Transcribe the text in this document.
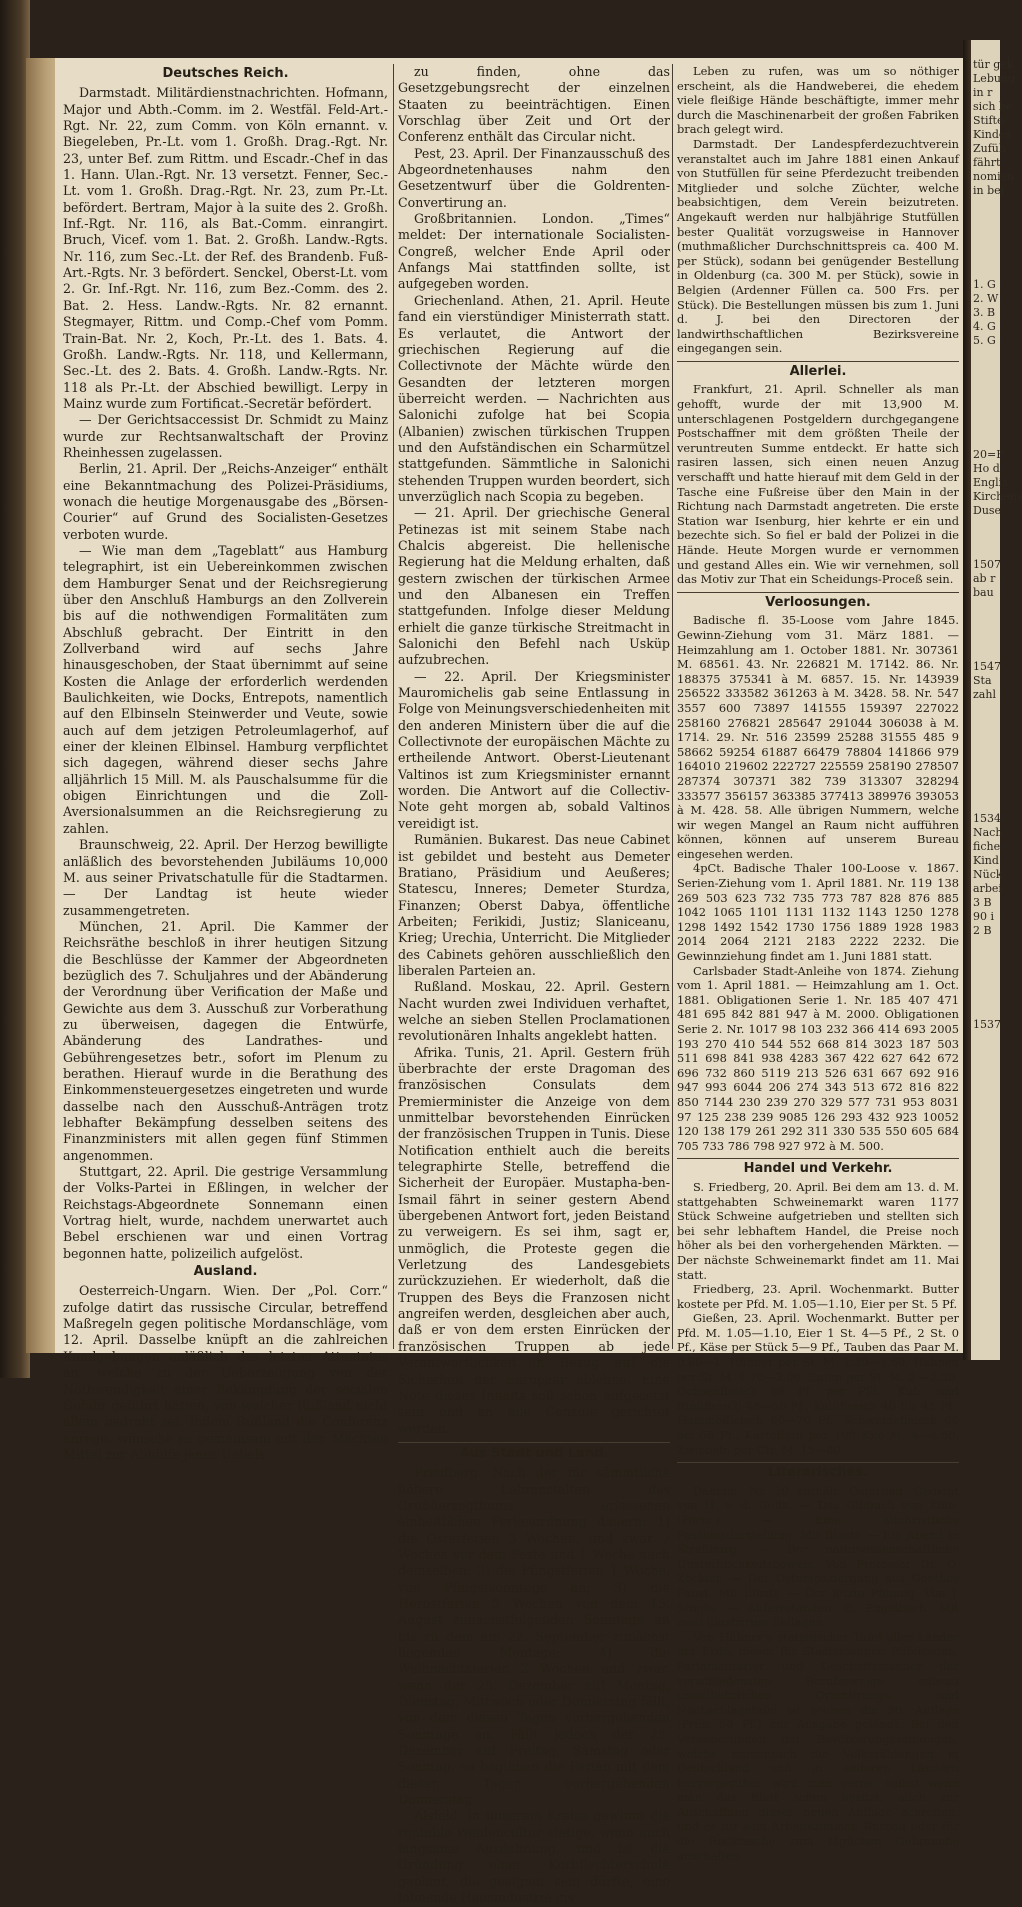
Deutsches Reich.

Darmstadt. Militärdienstnachrichten. Hofmann, Major und Abth.-Comm. im 2. Westfäl. Feld-Art.-Rgt. Nr. 22, zum Comm. von Köln ernannt. v. Biegeleben, Pr.-Lt. vom 1. Großh. Drag.-Rgt. Nr. 23, unter Bef. zum Rittm. und Escadr.-Chef in das 1. Hann. Ulan.-Rgt. Nr. 13 versetzt. Fenner, Sec.-Lt. vom 1. Großh. Drag.-Rgt. Nr. 23, zum Pr.-Lt. befördert. Bertram, Major à la suite des 2. Großh. Inf.-Rgt. Nr. 116, als Bat.-Comm. einrangirt. Bruch, Vicef. vom 1. Bat. 2. Großh. Landw.-Rgts. Nr. 116, zum Sec.-Lt. der Ref. des Brandenb. Fuß-Art.-Rgts. Nr. 3 befördert. Senckel, Oberst-Lt. vom 2. Gr. Inf.-Rgt. Nr. 116, zum Bez.-Comm. des 2. Bat. 2. Hess. Landw.-Rgts. Nr. 82 ernannt. Stegmayer, Rittm. und Comp.-Chef vom Pomm. Train-Bat. Nr. 2, Koch, Pr.-Lt. des 1. Bats. 4. Großh. Landw.-Rgts. Nr. 118, und Kellermann, Sec.-Lt. des 2. Bats. 4. Großh. Landw.-Rgts. Nr. 118 als Pr.-Lt. der Abschied bewilligt. Lerpy in Mainz wurde zum Fortificat.-Secretär befördert.

— Der Gerichtsaccessist Dr. Schmidt zu Mainz wurde zur Rechtsanwaltschaft der Provinz Rheinhessen zugelassen.

Berlin, 21. April. Der „Reichs-Anzeiger“ enthält eine Bekanntmachung des Polizei-Präsidiums, wonach die heutige Morgenausgabe des „Börsen-Courier“ auf Grund des Socialisten-Gesetzes verboten wurde.

— Wie man dem „Tageblatt“ aus Hamburg telegraphirt, ist ein Uebereinkommen zwischen dem Hamburger Senat und der Reichsregierung über den Anschluß Hamburgs an den Zollverein bis auf die nothwendigen Formalitäten zum Abschluß gebracht. Der Eintritt in den Zollverband wird auf sechs Jahre hinausgeschoben, der Staat übernimmt auf seine Kosten die Anlage der erforderlich werdenden Baulichkeiten, wie Docks, Entrepots, namentlich auf den Elbinseln Steinwerder und Veute, sowie auch auf dem jetzigen Petroleumlagerhof, auf einer der kleinen Elbinsel. Hamburg verpflichtet sich dagegen, während dieser sechs Jahre alljährlich 15 Mill. M. als Pauschalsumme für die obigen Einrichtungen und die Zoll-Aversionalsummen an die Reichsregierung zu zahlen.

Braunschweig, 22. April. Der Herzog bewilligte anläßlich des bevorstehenden Jubiläums 10,000 M. aus seiner Privatschatulle für die Stadtarmen. — Der Landtag ist heute wieder zusammengetreten.

München, 21. April. Die Kammer der Reichsräthe beschloß in ihrer heutigen Sitzung die Beschlüsse der Kammer der Abgeordneten bezüglich des 7. Schuljahres und der Abänderung der Verordnung über Verification der Maße und Gewichte aus dem 3. Ausschuß zur Vorberathung zu überweisen, dagegen die Entwürfe, Abänderung des Landrathes- und Gebührengesetzes betr., sofort im Plenum zu berathen. Hierauf wurde in die Berathung des Einkommensteuergesetzes eingetreten und wurde dasselbe nach den Ausschuß-Anträgen trotz lebhafter Bekämpfung desselben seitens des Finanzministers mit allen gegen fünf Stimmen angenommen.

Stuttgart, 22. April. Die gestrige Versammlung der Volks-Partei in Eßlingen, in welcher der Reichstags-Abgeordnete Sonnemann einen Vortrag hielt, wurde, nachdem unerwartet auch Bebel erschienen war und einen Vortrag begonnen hatte, polizeilich aufgelöst.

Ausland.

Oesterreich-Ungarn. Wien. Der „Pol. Corr.“ zufolge datirt das russische Circular, betreffend Maßregeln gegen politische Mordanschläge, vom 12. April. Dasselbe knüpft an die zahlreichen Kundgebungen anläßlich des letzten Attentates an, welche zu der Ueberzeugung von der Nothwendigkeit einer Bekämpfung der socialen Gefahr geführt hätten, von welcher Rußland nicht allein bedroht sei. Indem Rußland die Conferenz anrege, wünsche es gemeinsam mit den Mächten Mittel zur Abhülfe jenes Uebels

zu finden, ohne das Gesetzgebungsrecht der einzelnen Staaten zu beeinträchtigen. Einen Vorschlag über Zeit und Ort der Conferenz enthält das Circular nicht.

Pest, 23. April. Der Finanzausschuß des Abgeordnetenhauses nahm den Gesetzentwurf über die Goldrenten-Convertirung an.

Großbritannien. London. „Times“ meldet: Der internationale Socialisten-Congreß, welcher Ende April oder Anfangs Mai stattfinden sollte, ist aufgegeben worden.

Griechenland. Athen, 21. April. Heute fand ein vierstündiger Ministerrath statt. Es verlautet, die Antwort der griechischen Regierung auf die Collectivnote der Mächte würde den Gesandten der letzteren morgen überreicht werden. — Nachrichten aus Salonichi zufolge hat bei Scopia (Albanien) zwischen türkischen Truppen und den Aufständischen ein Scharmützel stattgefunden. Sämmtliche in Salonichi stehenden Truppen wurden beordert, sich unverzüglich nach Scopia zu begeben.

— 21. April. Der griechische General Petinezas ist mit seinem Stabe nach Chalcis abgereist. Die hellenische Regierung hat die Meldung erhalten, daß gestern zwischen der türkischen Armee und den Albanesen ein Treffen stattgefunden. Infolge dieser Meldung erhielt die ganze türkische Streitmacht in Salonichi den Befehl nach Usküp aufzubrechen.

— 22. April. Der Kriegsminister Mauromichelis gab seine Entlassung in Folge von Meinungsverschiedenheiten mit den anderen Ministern über die auf die Collectivnote der europäischen Mächte zu ertheilende Antwort. Oberst-Lieutenant Valtinos ist zum Kriegsminister ernannt worden. Die Antwort auf die Collectiv-Note geht morgen ab, sobald Valtinos vereidigt ist.

Rumänien. Bukarest. Das neue Cabinet ist gebildet und besteht aus Demeter Bratiano, Präsidium und Aeußeres; Statescu, Inneres; Demeter Sturdza, Finanzen; Oberst Dabya, öffentliche Arbeiten; Ferikidi, Justiz; Slaniceanu, Krieg; Urechia, Unterricht. Die Mitglieder des Cabinets gehören ausschließlich den liberalen Parteien an.

Rußland. Moskau, 22. April. Gestern Nacht wurden zwei Individuen verhaftet, welche an sieben Stellen Proclamationen revolutionären Inhalts angeklebt hatten.

Afrika. Tunis, 21. April. Gestern früh überbrachte der erste Dragoman des französischen Consulats dem Premierminister die Anzeige von dem unmittelbar bevorstehenden Einrücken der französischen Truppen in Tunis. Diese Notification enthielt auch die bereits telegraphirte Stelle, betreffend die Sicherheit der Europäer. Mustapha-ben-Ismail fährt in seiner gestern Abend übergebenen Antwort fort, jeden Beistand zu verweigern. Es sei ihm, sagt er, unmöglich, die Proteste gegen die Verletzung des Landesgebiets zurückzuziehen. Er wiederholt, daß die Truppen des Beys die Franzosen nicht angreifen werden, desgleichen aber auch, daß er von dem ersten Einrücken der französischen Truppen ab jede Verantwortlichkeit in Bezug auf die Sicherheit der Europäer ablehne. Eine Note dieses Inhalts soll schon aufgesetzt sein und an alle Consule gerichtet werden.

Aus Stadt und Land.

Friedberg. Nach der für sämmtliche höhere Lehranstalten des Großherzogthums erlassenen einheitlichen Ferienordnung dauern: 1) die Osterferien 3 Wochen, und zwar 2 Wochen vor dem Feste und 1 Woche nach demselben; 2) die Pfingstferien 1 Woche, von Pfingstsonntage an; 3) die Herbstferien 5 Wochen von dem 15. August zunächstfolgenden Sonntage an bis zu dem am 22. September zunächst liegenden Montage; 4) die Weihnachtsferien 2 Wochen und zwar, wenn der 25. Dezember auf Montag, Dienstag, Mittwoch oder Donnerstag fällt, von dem diesen Tagen vorhergehenden Sonntage an. Fällt jedoch der 25. Dezember auf Freitag, Samstag oder Sonntag, so beginnen die Ferien mit dem diesen Tagen vorhergehenden Donnerstag.

Alsfeld. In unserem Kreise gewinnt die rentable Weidencultur stetige, wenn auch langsame Ausdehnung, und ist die Gründung einer Korbflechterschule geplant, die geeignet sein dürfte, eine lohnende Hausindustrie ins

Leben zu rufen, was um so nöthiger erscheint, als die Handweberei, die ehedem viele fleißige Hände beschäftigte, immer mehr durch die Maschinenarbeit der großen Fabriken brach gelegt wird.

Darmstadt. Der Landespferdezuchtverein veranstaltet auch im Jahre 1881 einen Ankauf von Stutfüllen für seine Pferdezucht treibenden Mitglieder und solche Züchter, welche beabsichtigen, dem Verein beizutreten. Angekauft werden nur halbjährige Stutfüllen bester Qualität vorzugsweise in Hannover (muthmaßlicher Durchschnittspreis ca. 400 M. per Stück), sodann bei genügender Bestellung in Oldenburg (ca. 300 M. per Stück), sowie in Belgien (Ardenner Füllen ca. 500 Frs. per Stück). Die Bestellungen müssen bis zum 1. Juni d. J. bei den Directoren der landwirthschaftlichen Bezirksvereine eingegangen sein.

Allerlei.

Frankfurt, 21. April. Schneller als man gehofft, wurde der mit 13,900 M. unterschlagenen Postgeldern durchgegangene Postschaffner mit dem größten Theile der veruntreuten Summe entdeckt. Er hatte sich rasiren lassen, sich einen neuen Anzug verschafft und hatte hierauf mit dem Geld in der Tasche eine Fußreise über den Main in der Richtung nach Darmstadt angetreten. Die erste Station war Isenburg, hier kehrte er ein und bezechte sich. So fiel er bald der Polizei in die Hände. Heute Morgen wurde er vernommen und gestand Alles ein. Wie wir vernehmen, soll das Motiv zur That ein Scheidungs-Proceß sein.

Verloosungen.

Badische fl. 35-Loose vom Jahre 1845. Gewinn-Ziehung vom 31. März 1881. — Heimzahlung am 1. October 1881. Nr. 307361 M. 68561. 43. Nr. 226821 M. 17142. 86. Nr. 188375 375341 à M. 6857. 15. Nr. 143939 256522 333582 361263 à M. 3428. 58. Nr. 547 3557 600 73897 141555 159397 227022 258160 276821 285647 291044 306038 à M. 1714. 29. Nr. 516 23599 25288 31555 485 9 58662 59254 61887 66479 78804 141866 979 164010 219602 222727 225559 258190 278507 287374 307371 382 739 313307 328294 333577 356157 363385 377413 389976 393053 à M. 428. 58. Alle übrigen Nummern, welche wir wegen Mangel an Raum nicht aufführen können, können auf unserem Bureau eingesehen werden.

4pCt. Badische Thaler 100-Loose v. 1867. Serien-Ziehung vom 1. April 1881. Nr. 119 138 269 503 623 732 735 773 787 828 876 885 1042 1065 1101 1131 1132 1143 1250 1278 1298 1492 1542 1730 1756 1889 1928 1983 2014 2064 2121 2183 2222 2232. Die Gewinnziehung findet am 1. Juni 1881 statt.

Carlsbader Stadt-Anleihe von 1874. Ziehung vom 1. April 1881. — Heimzahlung am 1. Oct. 1881. Obligationen Serie 1. Nr. 185 407 471 481 695 842 881 947 à M. 2000. Obligationen Serie 2. Nr. 1017 98 103 232 366 414 693 2005 193 270 410 544 552 668 814 3023 187 503 511 698 841 938 4283 367 422 627 642 672 696 732 860 5119 213 526 631 667 692 916 947 993 6044 206 274 343 513 672 816 822 850 7144 230 239 270 329 577 731 953 8031 97 125 238 239 9085 126 293 432 923 10052 120 138 179 261 292 311 330 535 550 605 684 705 733 786 798 927 972 à M. 500.

Handel und Verkehr.

S. Friedberg, 20. April. Bei dem am 13. d. M. stattgehabten Schweinemarkt waren 1177 Stück Schweine aufgetrieben und stellten sich bei sehr lebhaftem Handel, die Preise noch höher als bei den vorhergehenden Märkten. — Der nächste Schweinemarkt findet am 11. Mai statt.

Friedberg, 23. April. Wochenmarkt. Butter kostete per Pfd. M. 1.05—1.10, Eier per St. 5 Pf.

Gießen, 23. April. Wochenmarkt. Butter per Pfd. M. 1.05—1.10, Eier 1 St. 4—5 Pf., 2 St. 0 Pf., Käse per Stück 5—9 Pf., Tauben das Paar M. 0.80—1, Hühner per St. M. 1.30—1.60, Hahnen per St. M. 1.70—2.00, Enten per St. M. 2.—2.50, Ochsenfleisch 66 Pf. per Pfd., Kuh- und Rindfleisch 48—50 Pf., Kalbfleisch 40 bis 45 Pf., Hammelfleisch 60—70 Pf., Schweinefleisch 66 bis 68 Pf., Kartoffeln per 100 Kilo M. 4—4.50, Zwiebeln per Ctr. M. 15—00.

Literarisches.

Daheim. Nr. 20 enthält: Osterlied. Gedicht von H. v. d. Goltz. — Das Gibbuch von Köln. (Forts.) — Eine altchristliche Passionsdarstellung. Mit Illustr. — Ein Abend in Straßburg. — Der naturwissenschaftliche Unsterblichkeitsbeweis. Von Professor Dr. O. Zöckler. — Der Osterspaziergang aus Goethes Faust. Mit Illustr. — Der letzte Pfennig. Von J. Stinde. — Aufersstanden. E. Engelbach. Mit zwei illustrirten Beilagen.

Von Hübner's statistischer Tafel aller Länder der Erde, dieser für Staatsmänner, Publicisten, Parlamentarier und Geschäftsmänner der verschiedensten Berufszweige nahezu unentbehrlichen Orientirungs- und Nachschlagetafel ist soeben die 30. Auflage (Preis 50 Pf.) zur Ausgabe gelangt. Bei den Veränderungen der Bevölkerungszahlungen, welche namentlich die Volkszählungen in Deutschland und in anderen Ländern hervorgerufen, wird man gerne, selbst wenn man das Blatt schon besitzt, auch zur Anschaffung dieser neuen Auflage schreiten, und es für sein Arbeitszimmer, Bureau oder für die Rocktasche zum täglichen Gebrauche anschaffen.

tür gek
Lebung
in r
sich be
Stifte
Kindes
Zufüh
fährt
nomien
in bef
1. G
2. W
3. B
4. G
5. G
20=F
Ho d
Englis
Kirchens
Duse
1507
ab r
bau
1547
Sta
zahl
1534
Nach
fiche
Kind
Nück
arbei
3 B
90 i
2 B
1537
